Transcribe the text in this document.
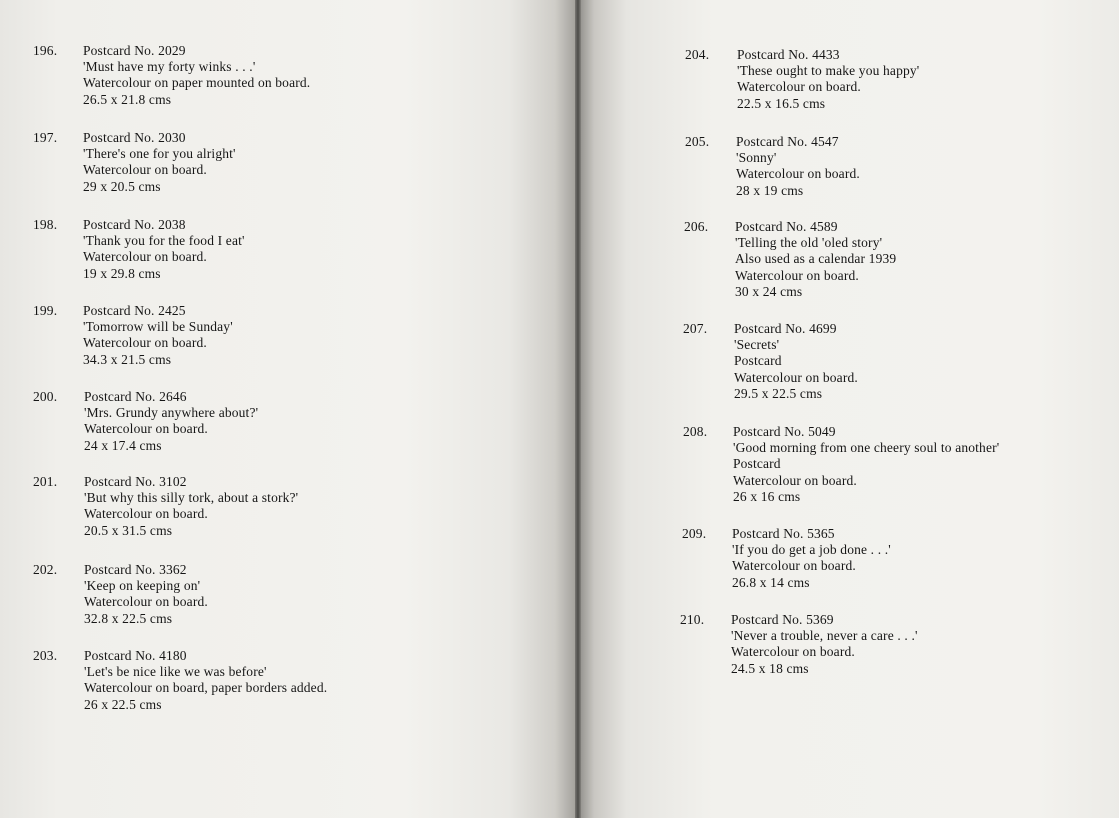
196. Postcard No. 2029
'Must have my forty winks . . .'
Watercolour on paper mounted on board.
26.5 x 21.8 cms
197. Postcard No. 2030
'There's one for you alright'
Watercolour on board.
29 x 20.5 cms
198. Postcard No. 2038
'Thank you for the food I eat'
Watercolour on board.
19 x 29.8 cms
199. Postcard No. 2425
'Tomorrow will be Sunday'
Watercolour on board.
34.3 x 21.5 cms
200. Postcard No. 2646
'Mrs. Grundy anywhere about?'
Watercolour on board.
24 x 17.4 cms
201. Postcard No. 3102
'But why this silly tork, about a stork?'
Watercolour on board.
20.5 x 31.5 cms
202. Postcard No. 3362
'Keep on keeping on'
Watercolour on board.
32.8 x 22.5 cms
203. Postcard No. 4180
'Let's be nice like we was before'
Watercolour on board, paper borders added.
26 x 22.5 cms
204. Postcard No. 4433
'These ought to make you happy'
Watercolour on board.
22.5 x 16.5 cms
205. Postcard No. 4547
'Sonny'
Watercolour on board.
28 x 19 cms
206. Postcard No. 4589
'Telling the old 'oled story'
Also used as a calendar 1939
Watercolour on board.
30 x 24 cms
207. Postcard No. 4699
'Secrets'
Postcard
Watercolour on board.
29.5 x 22.5 cms
208. Postcard No. 5049
'Good morning from one cheery soul to another'
Postcard
Watercolour on board.
26 x 16 cms
209. Postcard No. 5365
'If you do get a job done . . .'
Watercolour on board.
26.8 x 14 cms
210. Postcard No. 5369
'Never a trouble, never a care . . .'
Watercolour on board.
24.5 x 18 cms
